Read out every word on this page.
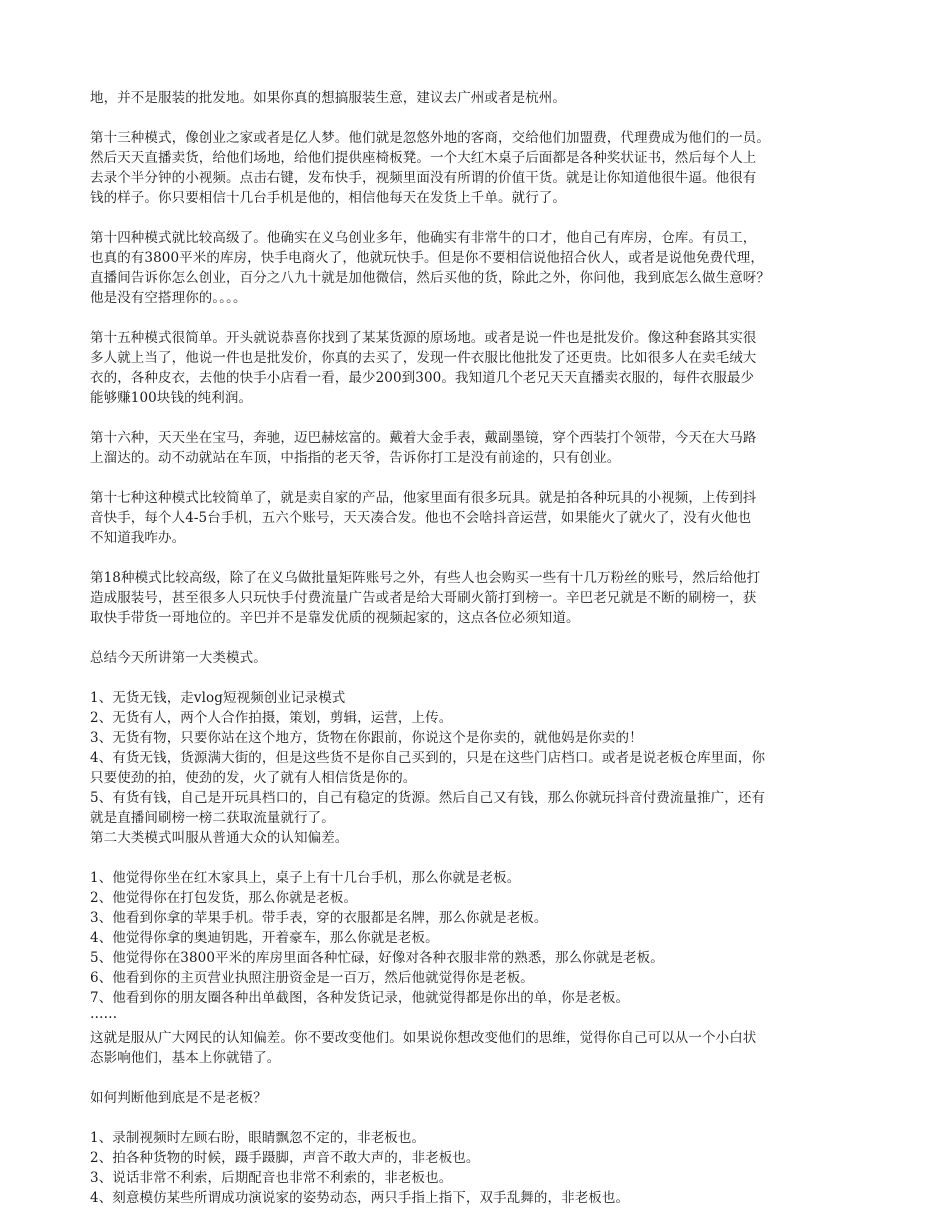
地，并不是服装的批发地。如果你真的想搞服装生意，建议去广州或者是杭州。
第十三种模式，像创业之家或者是亿人梦。他们就是忽悠外地的客商，交给他们加盟费，代理费成为他们的一员。
然后天天直播卖货，给他们场地，给他们提供座椅板凳。一个大红木桌子后面都是各种奖状证书，然后每个人上
去录个半分钟的小视频。点击右键，发布快手，视频里面没有所谓的价值干货。就是让你知道他很牛逼。他很有
钱的样子。你只要相信十几台手机是他的，相信他每天在发货上千单。就行了。
第十四种模式就比较高级了。他确实在义乌创业多年，他确实有非常牛的口才，他自己有库房，仓库。有员工，
也真的有3800平米的库房，快手电商火了，他就玩快手。但是你不要相信说他招合伙人，或者是说他免费代理，
直播间告诉你怎么创业，百分之八九十就是加他微信，然后买他的货，除此之外，你问他，我到底怎么做生意呀？
他是没有空搭理你的。。。。
第十五种模式很简单。开头就说恭喜你找到了某某货源的原场地。或者是说一件也是批发价。像这种套路其实很
多人就上当了，他说一件也是批发价，你真的去买了，发现一件衣服比他批发了还更贵。比如很多人在卖毛绒大
衣的，各种皮衣，去他的快手小店看一看，最少200到300。我知道几个老兄天天直播卖衣服的，每件衣服最少
能够赚100块钱的纯利润。
第十六种，天天坐在宝马，奔驰，迈巴赫炫富的。戴着大金手表，戴副墨镜，穿个西装打个领带，今天在大马路
上溜达的。动不动就站在车顶，中指指的老天爷，告诉你打工是没有前途的，只有创业。
第十七种这种模式比较简单了，就是卖自家的产品，他家里面有很多玩具。就是拍各种玩具的小视频，上传到抖
音快手，每个人4-5台手机，五六个账号，天天凑合发。他也不会啥抖音运营，如果能火了就火了，没有火他也
不知道我咋办。
第18种模式比较高级，除了在义乌做批量矩阵账号之外，有些人也会购买一些有十几万粉丝的账号，然后给他打
造成服装号，甚至很多人只玩快手付费流量广告或者是给大哥刷火箭打到榜一。辛巴老兄就是不断的刷榜一，获
取快手带货一哥地位的。辛巴并不是靠发优质的视频起家的，这点各位必须知道。
总结今天所讲第一大类模式。
1、无货无钱，走vlog短视频创业记录模式
2、无货有人，两个人合作拍摄，策划，剪辑，运营，上传。
3、无货有物，只要你站在这个地方，货物在你跟前，你说这个是你卖的，就他妈是你卖的！
4、有货无钱，货源满大街的，但是这些货不是你自己买到的，只是在这些门店档口。或者是说老板仓库里面，你
只要使劲的拍，使劲的发，火了就有人相信货是你的。
5、有货有钱，自己是开玩具档口的，自己有稳定的货源。然后自己又有钱，那么你就玩抖音付费流量推广，还有
就是直播间刷榜一榜二获取流量就行了。
第二大类模式叫服从普通大众的认知偏差。
1、他觉得你坐在红木家具上，桌子上有十几台手机，那么你就是老板。
2、他觉得你在打包发货，那么你就是老板。
3、他看到你拿的苹果手机。带手表，穿的衣服都是名牌，那么你就是老板。
4、他觉得你拿的奥迪钥匙，开着豪车，那么你就是老板。
5、他觉得你在3800平米的库房里面各种忙碌，好像对各种衣服非常的熟悉，那么你就是老板。
6、他看到你的主页营业执照注册资金是一百万，然后他就觉得你是老板。
7、他看到你的朋友圈各种出单截图，各种发货记录，他就觉得都是你出的单，你是老板。
……
这就是服从广大网民的认知偏差。你不要改变他们。如果说你想改变他们的思维，觉得你自己可以从一个小白状
态影响他们，基本上你就错了。
如何判断他到底是不是老板？
1、录制视频时左顾右盼，眼睛飘忽不定的，非老板也。
2、拍各种货物的时候，蹑手蹑脚，声音不敢大声的，非老板也。
3、说话非常不利索，后期配音也非常不利索的，非老板也。
4、刻意模仿某些所谓成功演说家的姿势动态，两只手指上指下，双手乱舞的，非老板也。
